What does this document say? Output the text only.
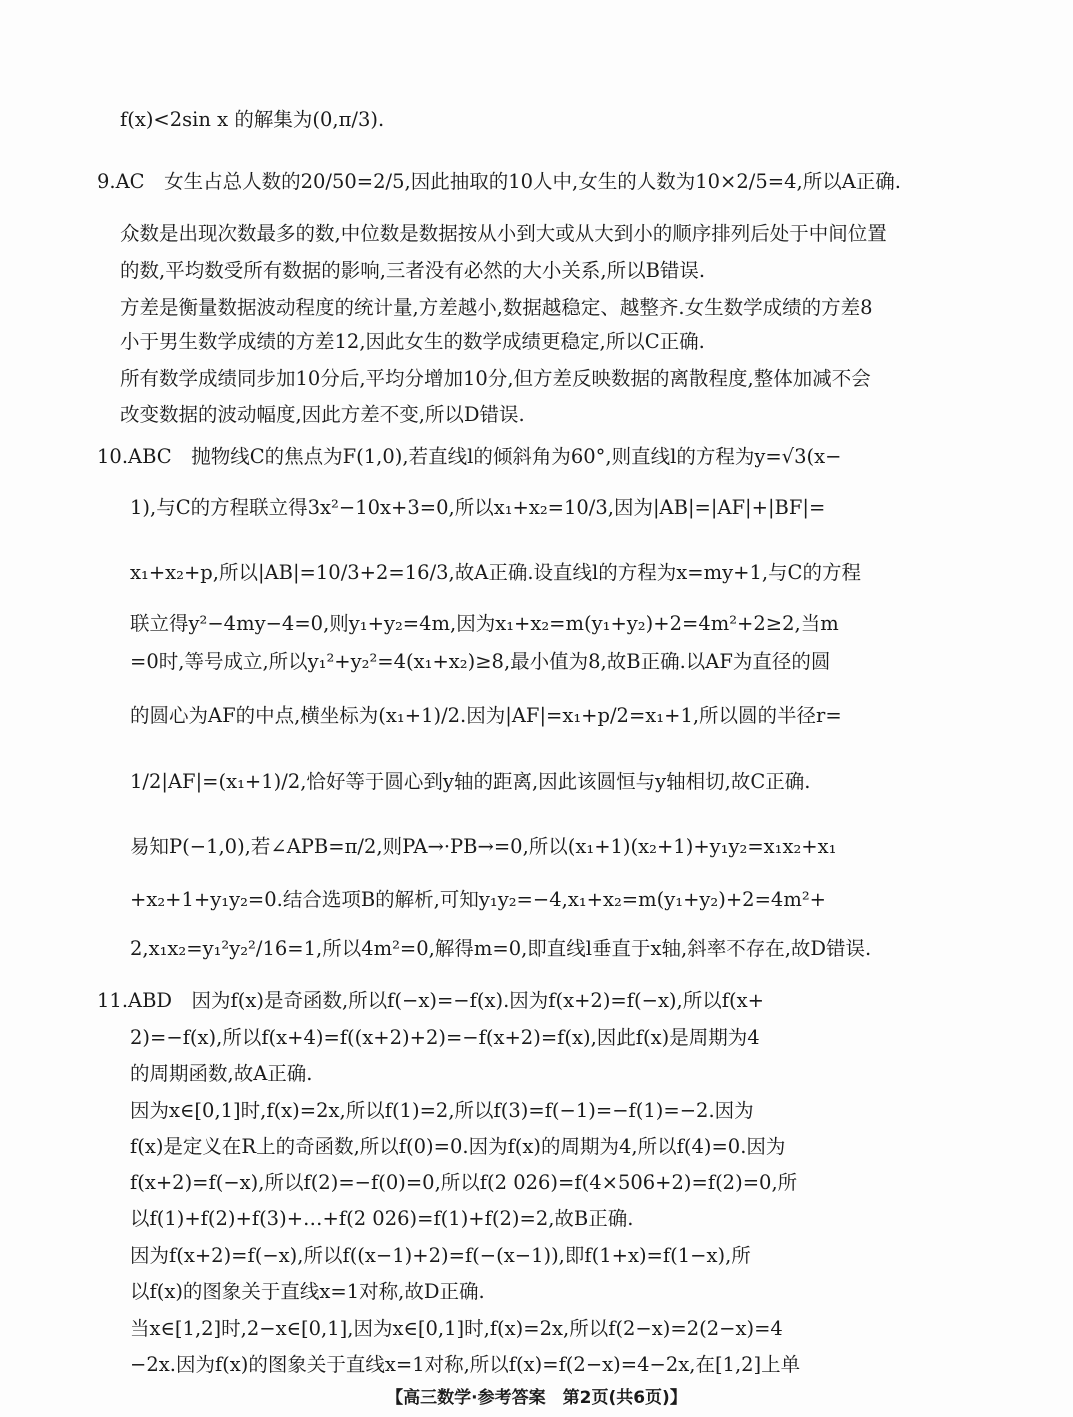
f(x)<2sin x 的解集为(0,π/3).
9.AC　女生占总人数的20/50=2/5,因此抽取的10人中,女生的人数为10×2/5=4,所以A正确.
众数是出现次数最多的数,中位数是数据按从小到大或从大到小的顺序排列后处于中间位置
的数,平均数受所有数据的影响,三者没有必然的大小关系,所以B错误.
方差是衡量数据波动程度的统计量,方差越小,数据越稳定、越整齐.女生数学成绩的方差8
小于男生数学成绩的方差12,因此女生的数学成绩更稳定,所以C正确.
所有数学成绩同步加10分后,平均分增加10分,但方差反映数据的离散程度,整体加减不会
改变数据的波动幅度,因此方差不变,所以D错误.
10.ABC　抛物线C的焦点为F(1,0),若直线l的倾斜角为60°,则直线l的方程为y=√3(x−
1),与C的方程联立得3x²−10x+3=0,所以x₁+x₂=10/3,因为|AB|=|AF|+|BF|=
x₁+x₂+p,所以|AB|=10/3+2=16/3,故A正确.设直线l的方程为x=my+1,与C的方程
联立得y²−4my−4=0,则y₁+y₂=4m,因为x₁+x₂=m(y₁+y₂)+2=4m²+2≥2,当m
=0时,等号成立,所以y₁²+y₂²=4(x₁+x₂)≥8,最小值为8,故B正确.以AF为直径的圆
的圆心为AF的中点,横坐标为(x₁+1)/2.因为|AF|=x₁+p/2=x₁+1,所以圆的半径r=
1/2|AF|=(x₁+1)/2,恰好等于圆心到y轴的距离,因此该圆恒与y轴相切,故C正确.
易知P(−1,0),若∠APB=π/2,则PA→·PB→=0,所以(x₁+1)(x₂+1)+y₁y₂=x₁x₂+x₁
+x₂+1+y₁y₂=0.结合选项B的解析,可知y₁y₂=−4,x₁+x₂=m(y₁+y₂)+2=4m²+
2,x₁x₂=y₁²y₂²/16=1,所以4m²=0,解得m=0,即直线l垂直于x轴,斜率不存在,故D错误.
11.ABD　因为f(x)是奇函数,所以f(−x)=−f(x).因为f(x+2)=f(−x),所以f(x+
2)=−f(x),所以f(x+4)=f((x+2)+2)=−f(x+2)=f(x),因此f(x)是周期为4
的周期函数,故A正确.
因为x∈[0,1]时,f(x)=2x,所以f(1)=2,所以f(3)=f(−1)=−f(1)=−2.因为
f(x)是定义在R上的奇函数,所以f(0)=0.因为f(x)的周期为4,所以f(4)=0.因为
f(x+2)=f(−x),所以f(2)=−f(0)=0,所以f(2 026)=f(4×506+2)=f(2)=0,所
以f(1)+f(2)+f(3)+…+f(2 026)=f(1)+f(2)=2,故B正确.
因为f(x+2)=f(−x),所以f((x−1)+2)=f(−(x−1)),即f(1+x)=f(1−x),所
以f(x)的图象关于直线x=1对称,故D正确.
当x∈[1,2]时,2−x∈[0,1],因为x∈[0,1]时,f(x)=2x,所以f(2−x)=2(2−x)=4
−2x.因为f(x)的图象关于直线x=1对称,所以f(x)=f(2−x)=4−2x,在[1,2]上单
【高三数学·参考答案　第2页(共6页)】
